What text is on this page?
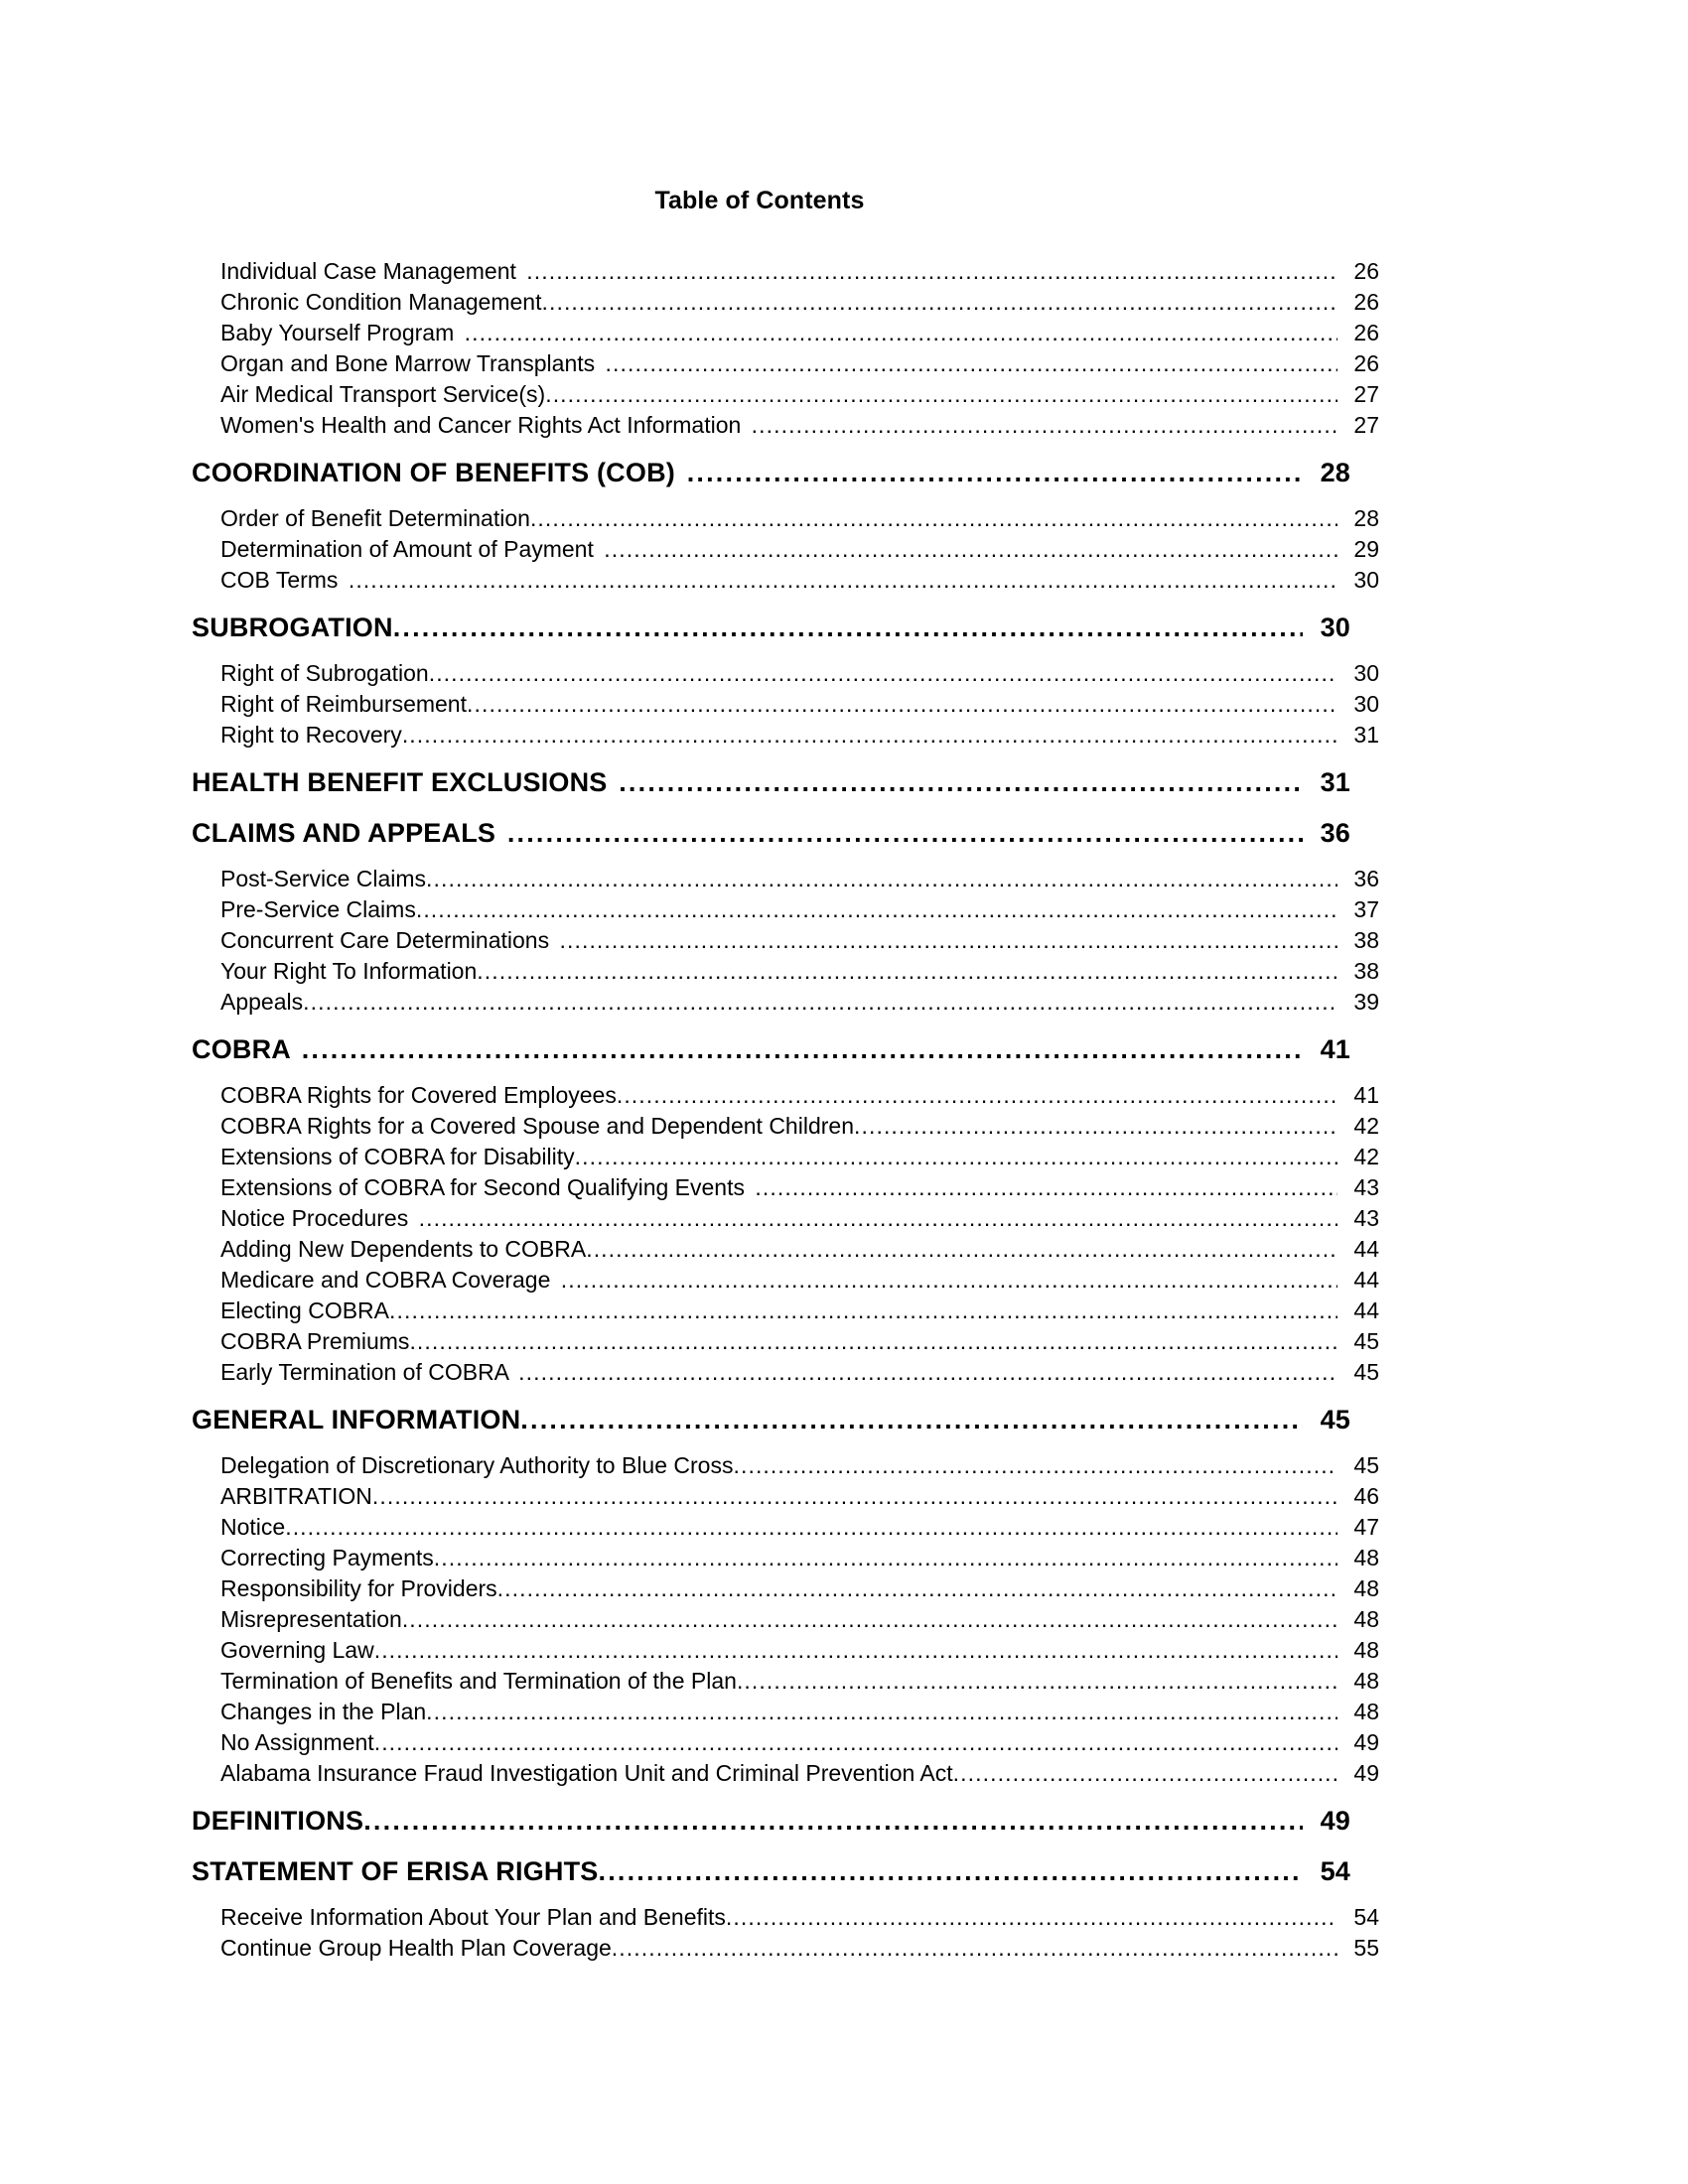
Table of Contents
Individual Case Management .....	26
Chronic Condition Management .....	26
Baby Yourself Program .....	26
Organ and Bone Marrow Transplants .....	26
Air Medical Transport Service(s) .....	27
Women's Health and Cancer Rights Act Information .....	27
COORDINATION OF BENEFITS (COB) .....	28
Order of Benefit Determination .....	28
Determination of Amount of Payment .....	29
COB Terms .....	30
SUBROGATION .....	30
Right of Subrogation .....	30
Right of Reimbursement .....	30
Right to Recovery .....	31
HEALTH BENEFIT EXCLUSIONS .....	31
CLAIMS AND APPEALS .....	36
Post-Service Claims .....	36
Pre-Service Claims .....	37
Concurrent Care Determinations .....	38
Your Right To Information .....	38
Appeals .....	39
COBRA .....	41
COBRA Rights for Covered Employees .....	41
COBRA Rights for a Covered Spouse and Dependent Children .....	42
Extensions of COBRA for Disability .....	42
Extensions of COBRA for Second Qualifying Events .....	43
Notice Procedures .....	43
Adding New Dependents to COBRA .....	44
Medicare and COBRA Coverage .....	44
Electing COBRA .....	44
COBRA Premiums .....	45
Early Termination of COBRA .....	45
GENERAL INFORMATION .....	45
Delegation of Discretionary Authority to Blue Cross .....	45
ARBITRATION .....	46
Notice .....	47
Correcting Payments .....	48
Responsibility for Providers .....	48
Misrepresentation .....	48
Governing Law .....	48
Termination of Benefits and Termination of the Plan .....	48
Changes in the Plan .....	48
No Assignment .....	49
Alabama Insurance Fraud Investigation Unit and Criminal Prevention Act .....	49
DEFINITIONS .....	49
STATEMENT OF ERISA RIGHTS .....	54
Receive Information About Your Plan and Benefits .....	54
Continue Group Health Plan Coverage .....	55
